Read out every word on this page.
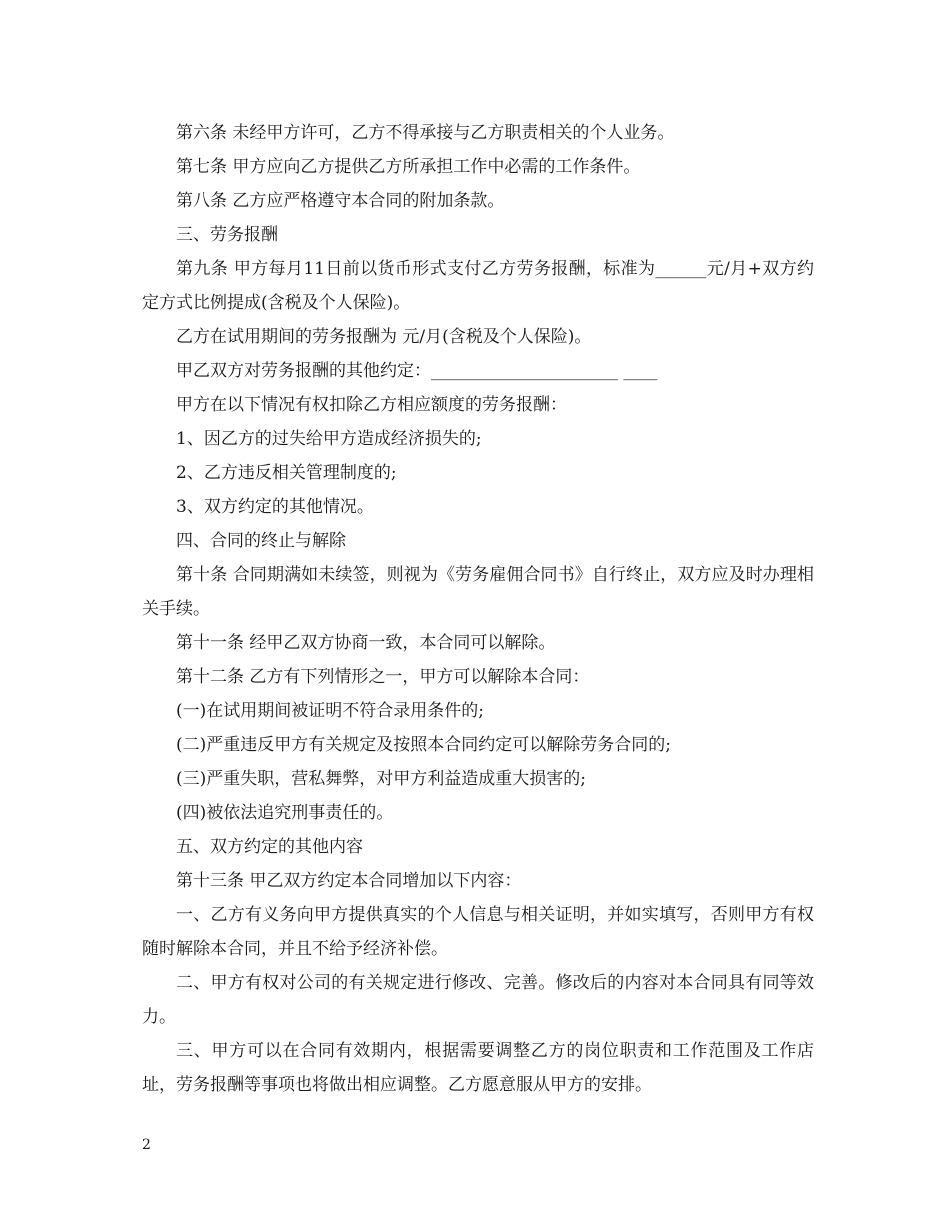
第六条 未经甲方许可，乙方不得承接与乙方职责相关的个人业务。

第七条 甲方应向乙方提供乙方所承担工作中必需的工作条件。

第八条 乙方应严格遵守本合同的附加条款。

三、劳务报酬

第九条 甲方每月11日前以货币形式支付乙方劳务报酬，标准为______元/月+双方约定方式比例提成(含税及个人保险)。

乙方在试用期间的劳务报酬为 元/月(含税及个人保险)。

甲乙双方对劳务报酬的其他约定：______________________ ____

甲方在以下情况有权扣除乙方相应额度的劳务报酬：

1、因乙方的过失给甲方造成经济损失的;

2、乙方违反相关管理制度的;

3、双方约定的其他情况。

四、合同的终止与解除

第十条 合同期满如未续签，则视为《劳务雇佣合同书》自行终止，双方应及时办理相关手续。

第十一条 经甲乙双方协商一致，本合同可以解除。

第十二条 乙方有下列情形之一，甲方可以解除本合同：

(一)在试用期间被证明不符合录用条件的;

(二)严重违反甲方有关规定及按照本合同约定可以解除劳务合同的;

(三)严重失职，营私舞弊，对甲方利益造成重大损害的;

(四)被依法追究刑事责任的。

五、双方约定的其他内容

第十三条 甲乙双方约定本合同增加以下内容：

一、乙方有义务向甲方提供真实的个人信息与相关证明，并如实填写，否则甲方有权随时解除本合同，并且不给予经济补偿。

二、甲方有权对公司的有关规定进行修改、完善。修改后的内容对本合同具有同等效力。

三、甲方可以在合同有效期内，根据需要调整乙方的岗位职责和工作范围及工作店址，劳务报酬等事项也将做出相应调整。乙方愿意服从甲方的安排。

2
